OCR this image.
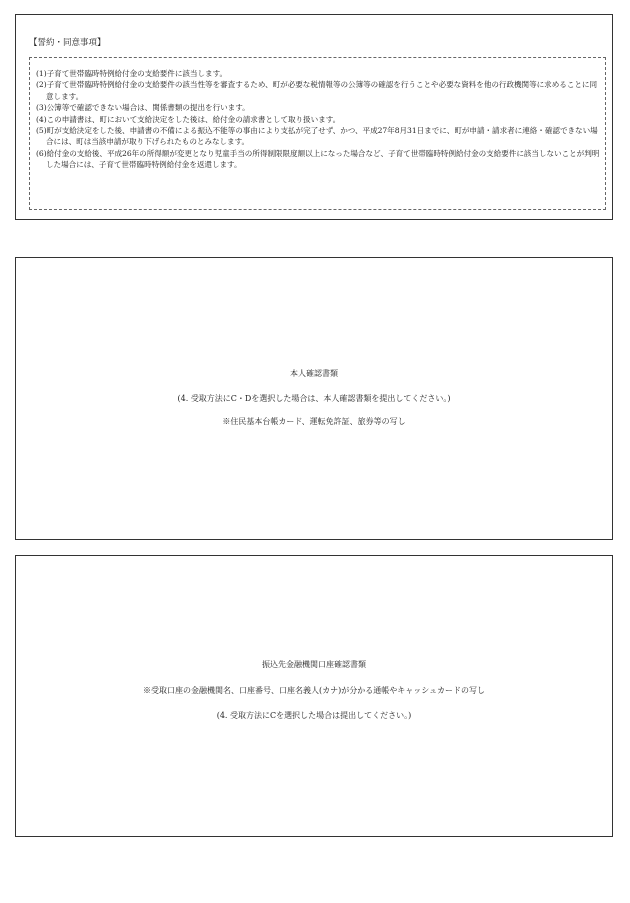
【誓約・同意事項】
(1)子育て世帯臨時特例給付金の支給要件に該当します。
(2)子育て世帯臨時特例給付金の支給要件の該当性等を審査するため、町が必要な税情報等の公簿等の確認を行うことや必要な資料を他の行政機関等に求めることに同意します。
(3)公簿等で確認できない場合は、関係書類の提出を行います。
(4)この申請書は、町において支給決定をした後は、給付金の請求書として取り扱います。
(5)町が支給決定をした後、申請書の不備による振込不能等の事由により支払が完了せず、かつ、平成27年8月31日までに、町が申請・請求者に連絡・確認できない場合には、町は当該申請が取り下げられたものとみなします。
(6)給付金の支給後、平成26年の所得額が変更となり児童手当の所得制限限度額以上になった場合など、子育て世帯臨時特例給付金の支給要件に該当しないことが判明した場合には、子育て世帯臨時特例給付金を返還します。

本人確認書類

(4. 受取方法にC・Dを選択した場合は、本人確認書類を提出してください。)

※住民基本台帳カード、運転免許証、旅券等の写し

振込先金融機関口座確認書類

※受取口座の金融機関名、口座番号、口座名義人(カナ)が分かる通帳やキャッシュカードの写し

(4. 受取方法にCを選択した場合は提出してください。)
